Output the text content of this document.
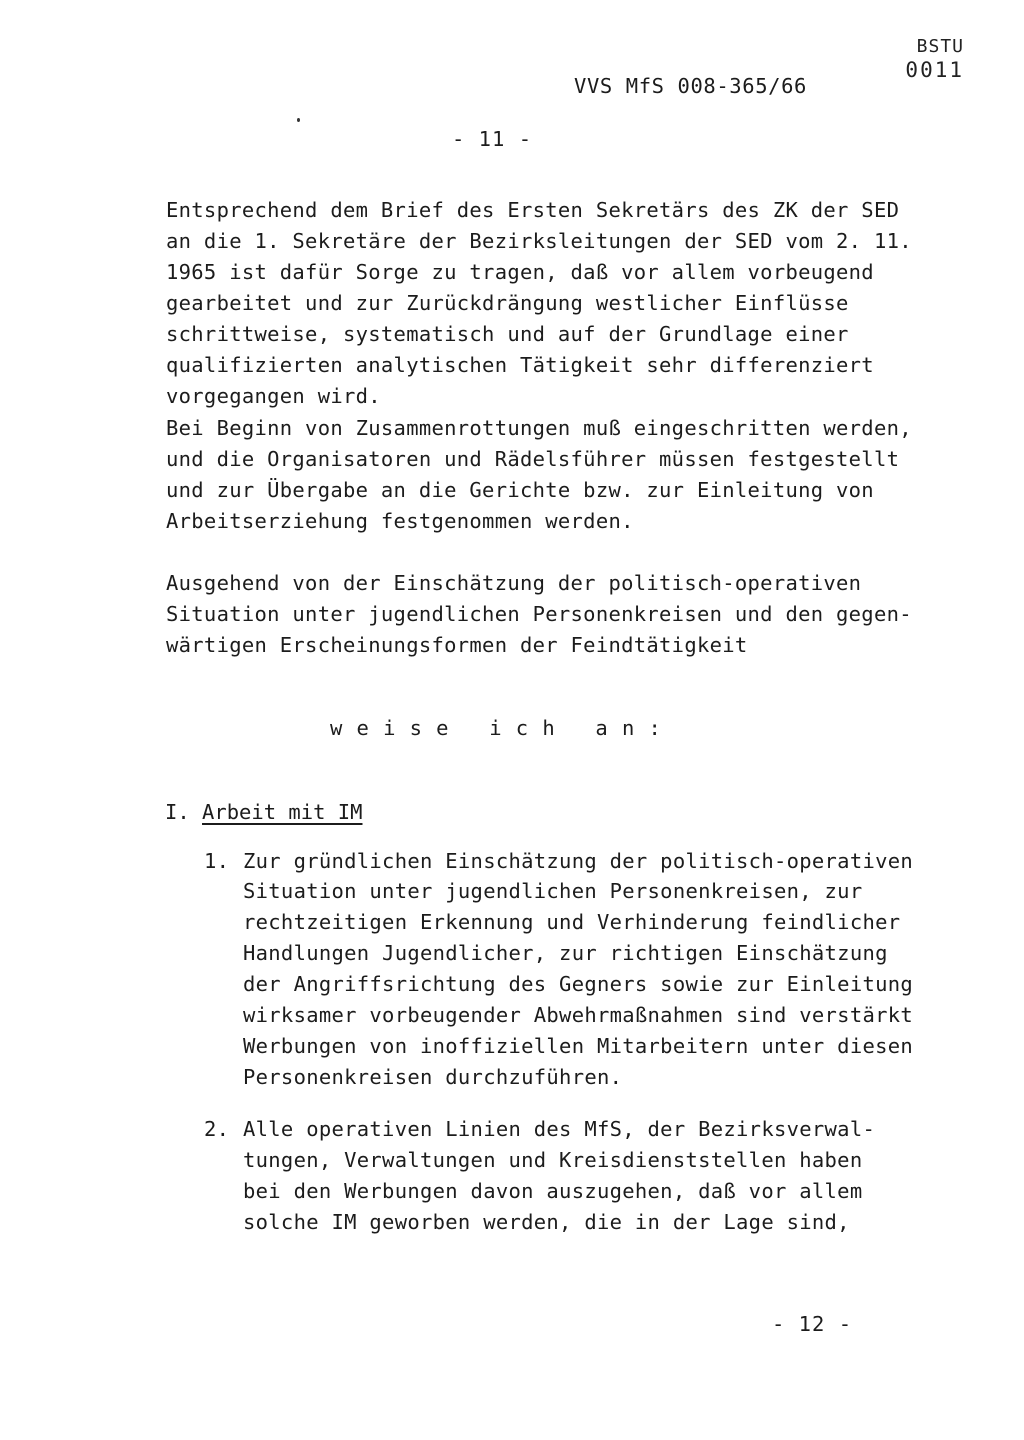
BSTU
0011
VVS MfS 008-365/66
- 11 -
Entsprechend dem Brief des Ersten Sekretärs des ZK der SED
an die 1. Sekretäre der Bezirksleitungen der SED vom 2. 11.
1965 ist dafür Sorge zu tragen, daß vor allem vorbeugend
gearbeitet und zur Zurückdrängung westlicher Einflüsse
schrittweise, systematisch und auf der Grundlage einer
qualifizierten analytischen Tätigkeit sehr differenziert
vorgegangen wird.
Bei Beginn von Zusammenrottungen muß eingeschritten werden,
und die Organisatoren und Rädelsführer müssen festgestellt
und zur Übergabe an die Gerichte bzw. zur Einleitung von
Arbeitserziehung festgenommen werden.
Ausgehend von der Einschätzung der politisch-operativen
Situation unter jugendlichen Personenkreisen und den gegen-
wärtigen Erscheinungsformen der Feindtätigkeit
weise ich an:
I. Arbeit mit IM
1. Zur gründlichen Einschätzung der politisch-operativen
Situation unter jugendlichen Personenkreisen, zur
rechtzeitigen Erkennung und Verhinderung feindlicher
Handlungen Jugendlicher, zur richtigen Einschätzung
der Angriffsrichtung des Gegners sowie zur Einleitung
wirksamer vorbeugender Abwehrmaßnahmen sind verstärkt
Werbungen von inoffiziellen Mitarbeitern unter diesen
Personenkreisen durchzuführen.
2. Alle operativen Linien des MfS, der Bezirksverwal-
tungen, Verwaltungen und Kreisdienststellen haben
bei den Werbungen davon auszugehen, daß vor allem
solche IM geworben werden, die in der Lage sind,
- 12 -
